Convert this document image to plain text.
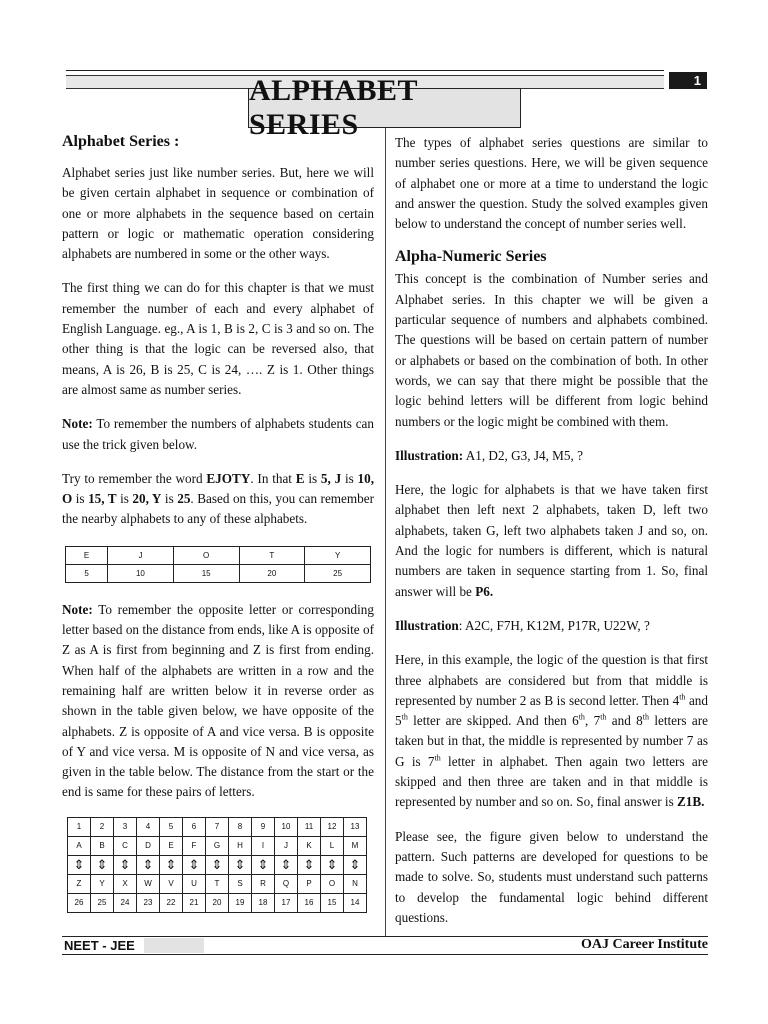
1
ALPHABET SERIES
Alphabet Series :

Alphabet series just like number series. But, here we will be given certain alphabet in sequence or combination of one or more alphabets in the sequence based on certain pattern or logic or mathematic operation considering alphabets are numbered in some or the other ways.

The first thing we can do for this chapter is that we must remember the number of each and every alphabet of English Language. eg., A is 1, B is 2, C is 3 and so on. The other thing is that the logic can be reversed also, that means, A is 26, B is 25, C is 24, …. Z is 1. Other things are almost same as number series.

Note: To remember the numbers of alphabets students can use the trick given below.

Try to remember the word EJOTY. In that E is 5, J is 10, O is 15, T is 20, Y is 25. Based on this, you can remember the nearby alphabets to any of these alphabets.

E	J	O	T	Y
5	10	15	20	25

Note: To remember the opposite letter or corresponding letter based on the distance from ends, like A is opposite of Z as A is first from beginning and Z is first from ending. When half of the alphabets are written in a row and the remaining half are written below it in reverse order as shown in the table given below, we have opposite of the alphabets. Z is opposite of A and vice versa. B is opposite of Y and vice versa. M is opposite of N and vice versa, as given in the table below. The distance from the start or the end is same for these pairs of letters.

1	2	3	4	5	6	7	8	9	10	11	12	13
A	B	C	D	E	F	G	H	I	J	K	L	M
⇕	⇕	⇕	⇕	⇕	⇕	⇕	⇕	⇕	⇕	⇕	⇕	⇕
Z	Y	X	W	V	U	T	S	R	Q	P	O	N
26	25	24	23	22	21	20	19	18	17	16	15	14

The types of alphabet series questions are similar to number series questions. Here, we will be given sequence of alphabet one or more at a time to understand the logic and answer the question. Study the solved examples given below to understand the concept of number series well.

Alpha-Numeric Series

This concept is the combination of Number series and Alphabet series. In this chapter we will be given a particular sequence of numbers and alphabets combined. The questions will be based on certain pattern of number or alphabets or based on the combination of both. In other words, we can say that there might be possible that the logic behind letters will be different from logic behind numbers or the logic might be combined with them.

Illustration: A1, D2, G3, J4, M5, ?

Here, the logic for alphabets is that we have taken first alphabet then left next 2 alphabets, taken D, left two alphabets, taken G, left two alphabets taken J and so, on. And the logic for numbers is different, which is natural numbers are taken in sequence starting from 1. So, final answer will be P6.

Illustration: A2C, F7H, K12M, P17R, U22W, ?

Here, in this example, the logic of the question is that first three alphabets are considered but from that middle is represented by number 2 as B is second letter. Then 4th and 5th letter are skipped. And then 6th, 7th and 8th letters are taken but in that, the middle is represented by number 7 as G is 7th letter in alphabet. Then again two letters are skipped and then three are taken and in that middle is represented by number and so on. So, final answer is Z1B.

Please see, the figure given below to understand the pattern. Such patterns are developed for questions to be made to solve. So, students must understand such patterns to develop the fundamental logic behind different questions.

NEET - JEE	OAJ Career Institute
